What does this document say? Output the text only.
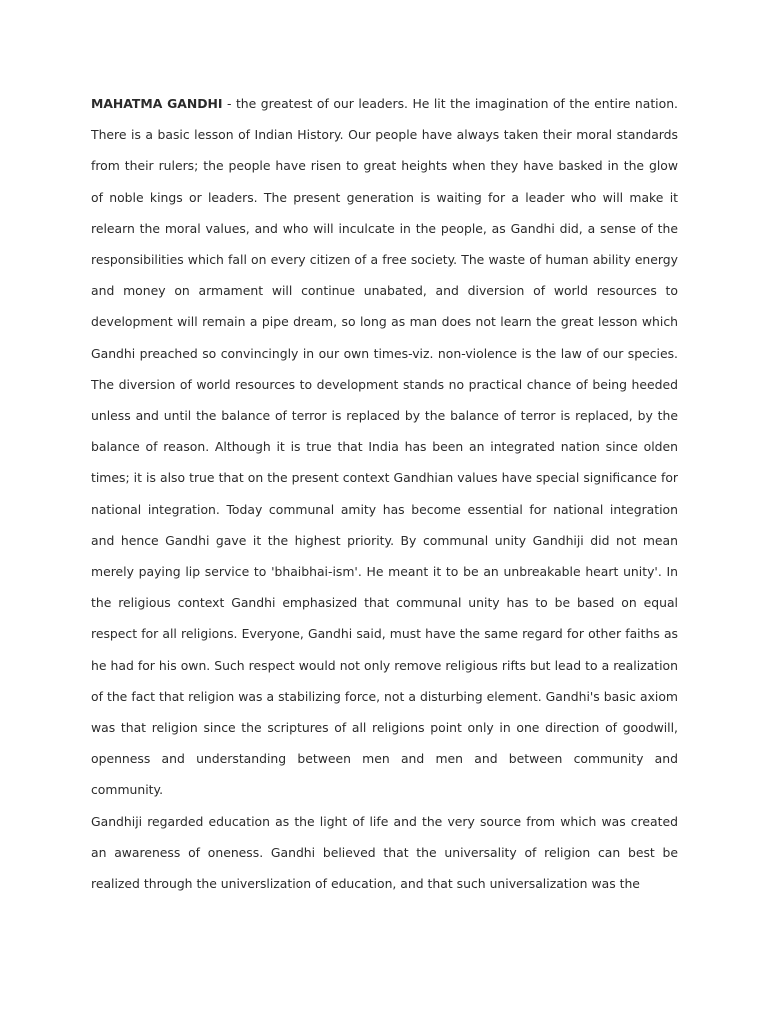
MAHATMA GANDHI - the greatest of our leaders. He lit the imagination of the entire nation. There is a basic lesson of Indian History. Our people have always taken their moral standards from their rulers; the people have risen to great heights when they have basked in the glow of noble kings or leaders. The present generation is waiting for a leader who will make it relearn the moral values, and who will inculcate in the people, as Gandhi did, a sense of the responsibilities which fall on every citizen of a free society. The waste of human ability energy and money on armament will continue unabated, and diversion of world resources to development will remain a pipe dream, so long as man does not learn the great lesson which Gandhi preached so convincingly in our own times-viz. non-violence is the law of our species. The diversion of world resources to development stands no practical chance of being heeded unless and until the balance of terror is replaced by the balance of terror is replaced, by the balance of reason. Although it is true that India has been an integrated nation since olden times; it is also true that on the present context Gandhian values have special significance for national integration. Today communal amity has become essential for national integration and hence Gandhi gave it the highest priority. By communal unity Gandhiji did not mean merely paying lip service to 'bhaibhai-ism'. He meant it to be an unbreakable heart unity'. In the religious context Gandhi emphasized that communal unity has to be based on equal respect for all religions. Everyone, Gandhi said, must have the same regard for other faiths as he had for his own. Such respect would not only remove religious rifts but lead to a realization of the fact that religion was a stabilizing force, not a disturbing element. Gandhi's basic axiom was that religion since the scriptures of all religions point only in one direction of goodwill, openness and understanding between men and men and between community and community.

Gandhiji regarded education as the light of life and the very source from which was created an awareness of oneness. Gandhi believed that the universality of religion can best be realized through the universlization of education, and that such universalization was the
